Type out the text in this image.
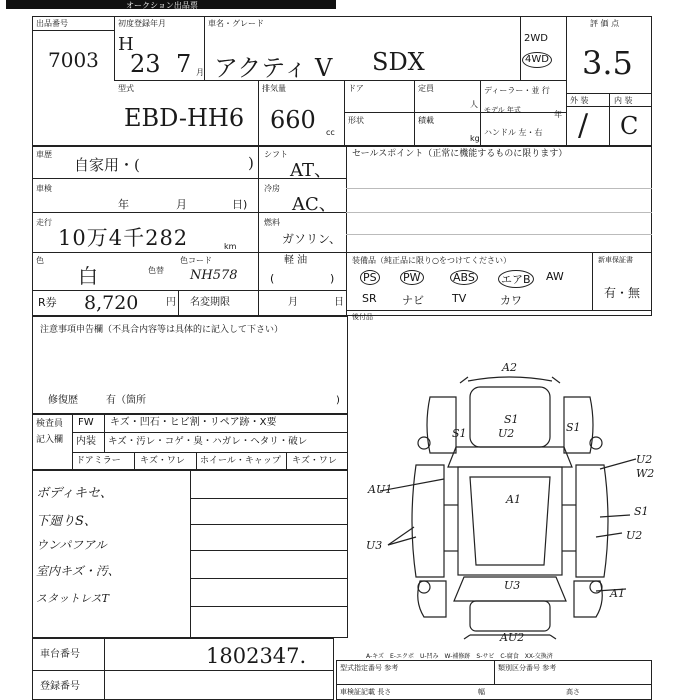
オークション出品票
出品番号
7003
初度登録年月
H
23 7 月
車名・グレード
アクティ V SDX
2WD
4WD
評 価 点
3.5
型式
EBD-HH6
排気量
660 cc
ドア	定員
人
ディーラー・並 行
モデル 年式	年
形状	積載
kg
ハンドル 左・右
外 装	内 装
/ C
車歴
自家用・(	) シフト
AT、
セールスポイント（正常に機能するものに限ります）
車検
年	月	日)
冷房
AC、
走行
10万4千282	km
燃料
ガソリン、
軽 油
(	)
色
白	色替
色コード
NH578
装備品（純正品に限り○をつけてください）	新車保証書
有・無
PS PW	ABS エアB AW
SR ナビ	TV	カワ
R券 8,720	円 名変期限	月	日
後付品
注意事項申告欄（不具合内容等は具体的に記入して下さい）
修復歴	有（箇所	)
検査員
記入欄
FW キズ・凹石・ヒビ割・リペア跡・X要
内装 キズ・汚レ・コゲ・臭・ハガレ・ヘタリ・破レ
ドアミラー キズ・ワレ ホイール・キャップ キズ・ワレ
ボディキセ、
下廻りS、
ウンパフアル
室内キズ・汚、
スタットレスT
A2
S1
U2
S1	S1
U2
W2
AU1
A1
S1
U2
U3
U3
A1
AU2
車台番号	1802347.
登録番号
A-キズ　E-エクボ　U-凹み　W-補修跡　S-サビ　C-腐食　XX-交換済
型式指定番号 参考	類別区分番号 参考
車検証記載 長さ	幅	高さ
